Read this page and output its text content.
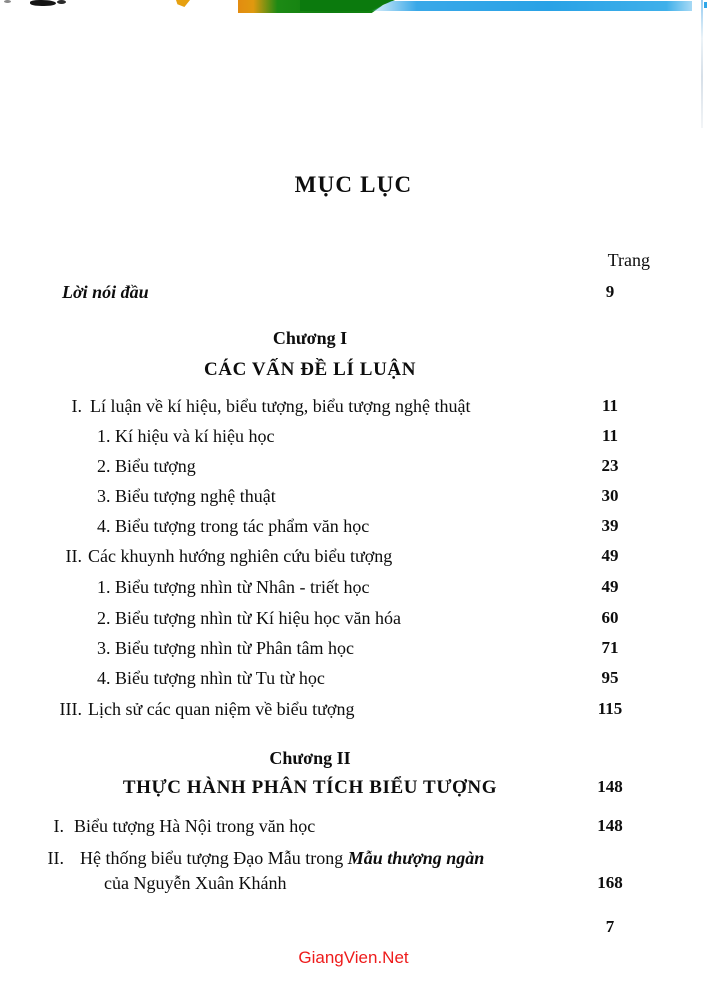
MỤC LỤC
Trang
Lời nói đầu	9
Chương I
CÁC VẤN ĐỀ LÍ LUẬN
I. Lí luận về kí hiệu, biểu tượng, biểu tượng nghệ thuật	11
1. Kí hiệu và kí hiệu học	11
2. Biểu tượng	23
3. Biểu tượng nghệ thuật	30
4. Biểu tượng trong tác phẩm văn học	39
II. Các khuynh hướng nghiên cứu biểu tượng	49
1. Biểu tượng nhìn từ Nhân - triết học	49
2. Biểu tượng nhìn từ Kí hiệu học văn hóa	60
3. Biểu tượng nhìn từ Phân tâm học	71
4. Biểu tượng nhìn từ Tu từ học	95
III. Lịch sử các quan niệm về biểu tượng	115
Chương II
THỰC HÀNH PHÂN TÍCH BIỂU TƯỢNG	148
I. Biểu tượng Hà Nội trong văn học	148
II. Hệ thống biểu tượng Đạo Mẫu trong Mẫu thượng ngàn
của Nguyễn Xuân Khánh	168
7
GiangVien.Net
